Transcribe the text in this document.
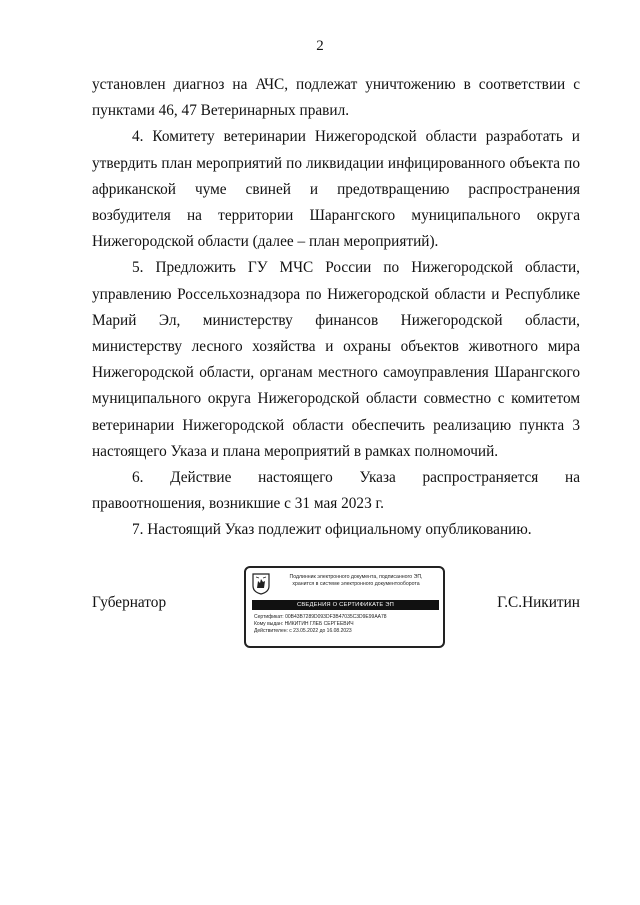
2

установлен диагноз на АЧС, подлежат уничтожению в соответствии с пунктами 46, 47 Ветеринарных правил.

4. Комитету ветеринарии Нижегородской области разработать и утвердить план мероприятий по ликвидации инфицированного объекта по африканской чуме свиней и предотвращению распространения возбудителя на территории Шарангского муниципального округа Нижегородской области (далее – план мероприятий).

5. Предложить ГУ МЧС России по Нижегородской области, управлению Россельхознадзора по Нижегородской области и Республике Марий Эл, министерству финансов Нижегородской области, министерству лесного хозяйства и охраны объектов животного мира Нижегородской области, органам местного самоуправления Шарангского муниципального округа Нижегородской области совместно с комитетом ветеринарии Нижегородской области обеспечить реализацию пункта 3 настоящего Указа и плана мероприятий в рамках полномочий.

6. Действие настоящего Указа распространяется на правоотношения, возникшие с 31 мая 2023 г.

7. Настоящий Указ подлежит официальному опубликованию.

Губернатор	Г.С.Никитин
Подлинник электронного документа, подписанного ЭП,
хранится в системе электронного документооборота
СВЕДЕНИЯ О СЕРТИФИКАТЕ ЭП
Сертификат: 00B43B7289D093DF3B47035C3D9E99AA78
Кому выдан: НИКИТИН ГЛЕБ СЕРГЕЕВИЧ
Действителен: с 23.05.2022 до 16.08.2023
